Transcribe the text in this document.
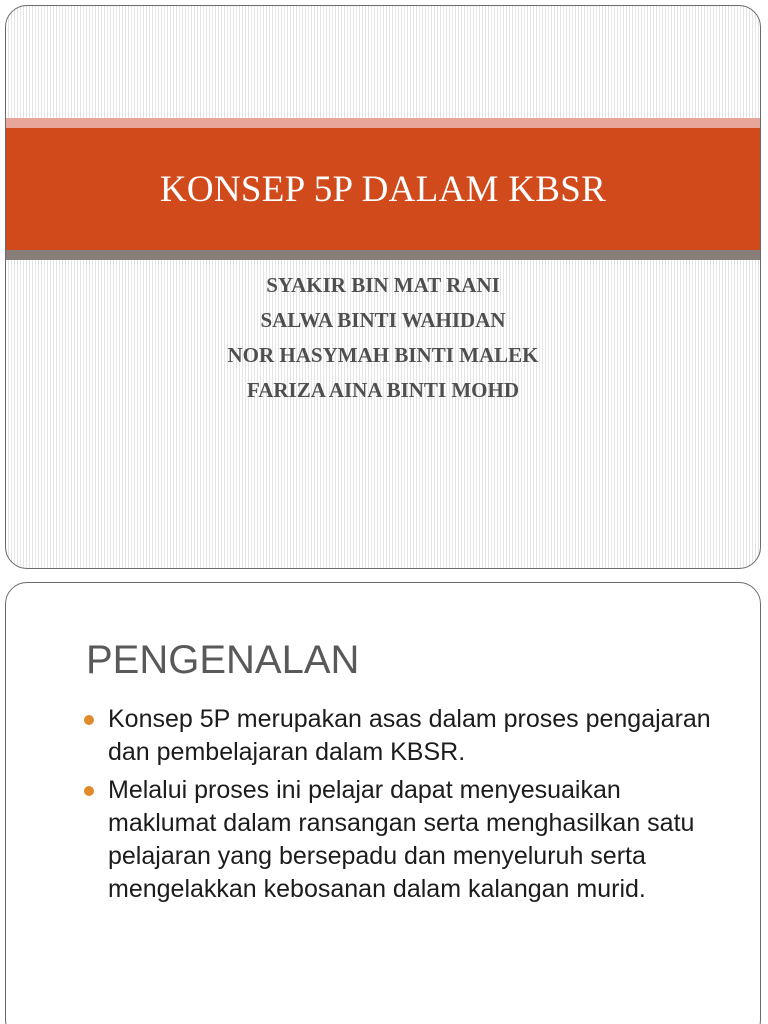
KONSEP 5P DALAM KBSR
SYAKIR BIN MAT RANI
SALWA BINTI WAHIDAN
NOR HASYMAH BINTI MALEK
FARIZA AINA BINTI MOHD
PENGENALAN
Konsep 5P merupakan asas dalam proses pengajaran dan pembelajaran dalam KBSR.
Melalui proses ini pelajar dapat menyesuaikan maklumat dalam ransangan serta menghasilkan satu pelajaran yang bersepadu dan menyeluruh serta mengelakkan kebosanan dalam kalangan murid.
